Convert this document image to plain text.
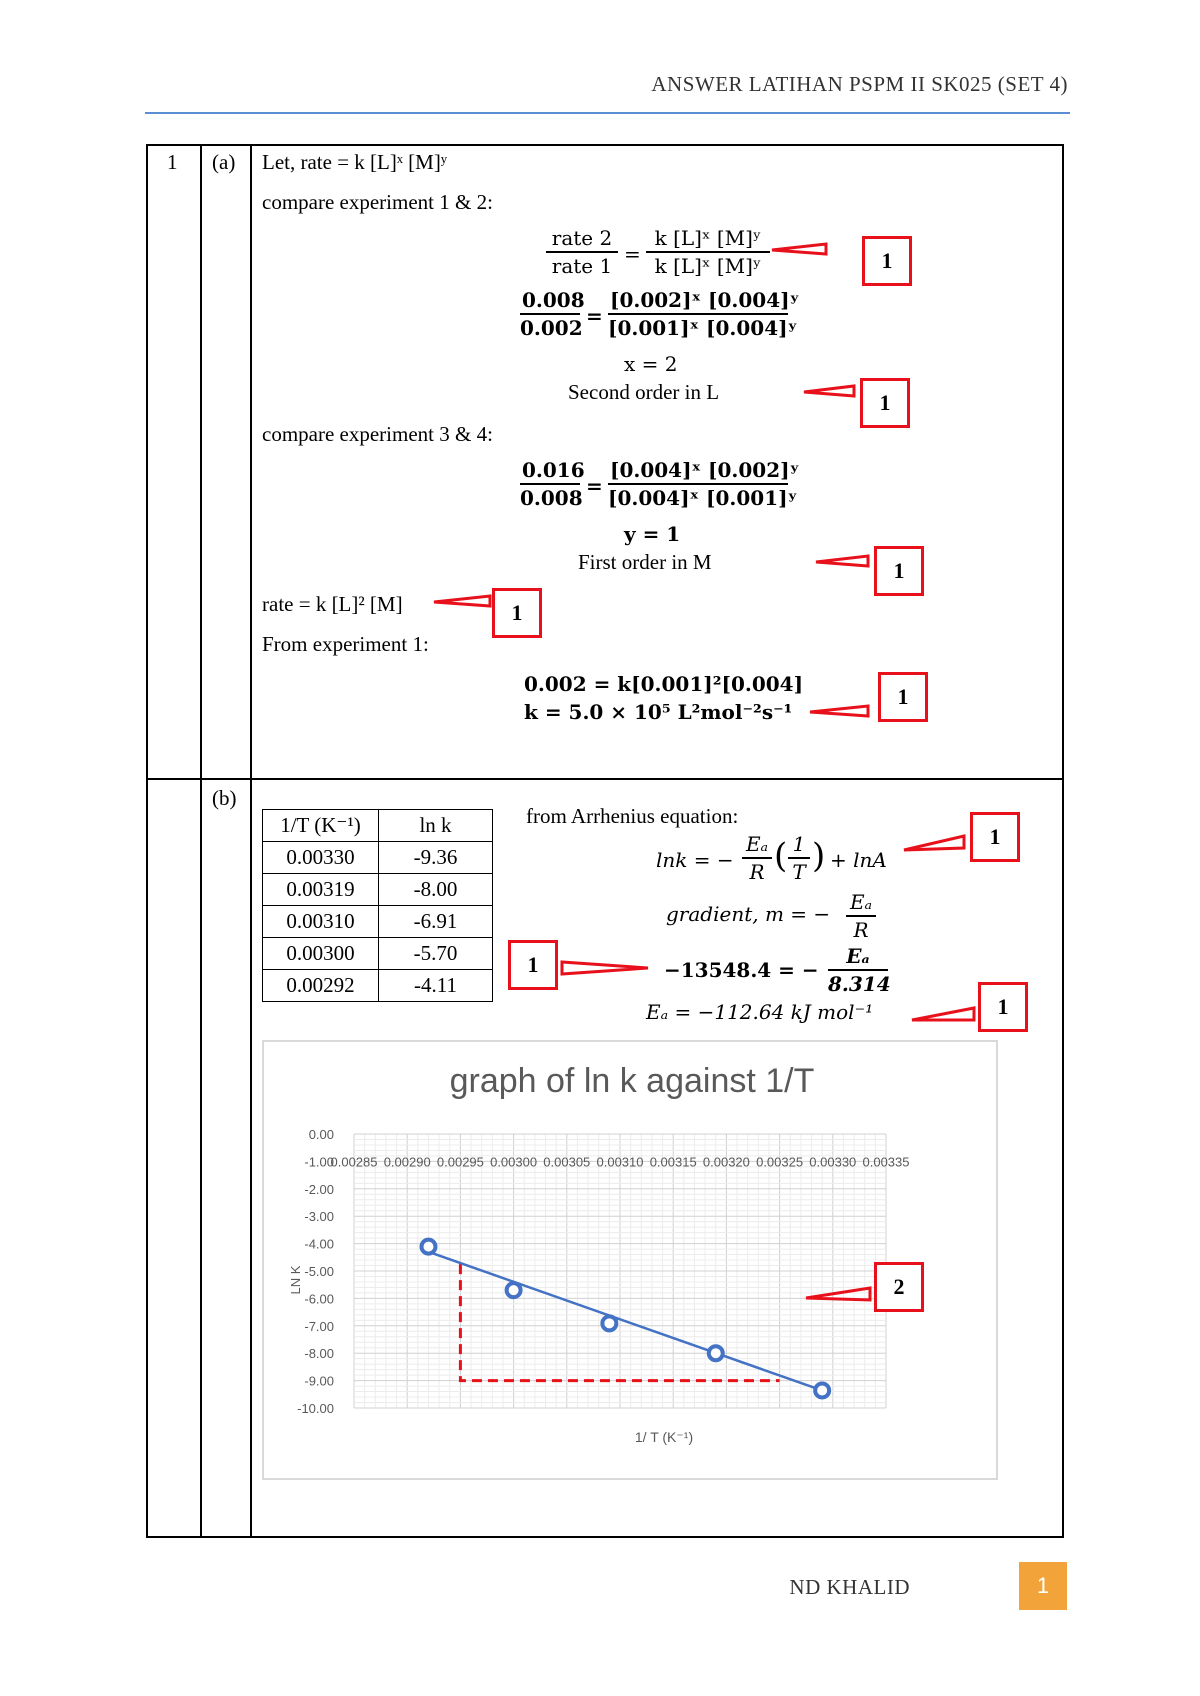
ANSWER LATIHAN PSPM II SK025 (SET 4)
1 (a)
(b)
Let, rate = k [L]ˣ [M]ʸ
compare experiment 1 & 2:
rate 2
rate $1 = \frac{\text{k [L]ˣ [M]ʸ}}{\text{k [L]ˣ [M]ʸ}}$
$\frac{0.008}{0.002} = \frac{\text{[0.002]ˣ [0.004]ʸ}}{\text{[0.001]ˣ [0.004]ʸ}}$
x = 2
Second order in L
compare experiment 3 & 4:
$\frac{0.016}{0.008} = \frac{\text{[0.004]ˣ [0.002]ʸ}}{\text{[0.004]ˣ [0.001]ʸ}}$
y = 1
First order in M
rate = k [L]² [M]
From experiment 1:
0.002 = k[0.001]²[0.004]
k = 5.0 × 10⁵ L²mol⁻²s⁻¹
1/T (K⁻¹)	ln k
0.00330	-9.36
0.00319	-8.00
0.00310	-6.91
0.00300	-5.70
0.00292	-4.11
from Arrhenius equation:
lnk = − $\frac{\text{Eₐ}}{R}$ ( $\frac{1}{T}$ ) + lnA
gradient, m = − $\frac{\text{Eₐ}}{R}$
−13548.4 = − $\frac{\text{Eₐ}}{8.314}$
Eₐ = −112.64 kJ mol⁻¹
graph of ln k against 1/T
LN K
1/ T (K⁻¹)
0.00
-1.00
-2.00
-3.00
-4.00
-5.00
-6.00
-7.00
-8.00
-9.00
-10.00
0.00285 0.00290 0.00295 0.00300 0.00305 0.00310 0.00315 0.00320 0.00325 0.00330 0.00335
1
1
1
1
1
1
1
1
2
ND KHALID	1
